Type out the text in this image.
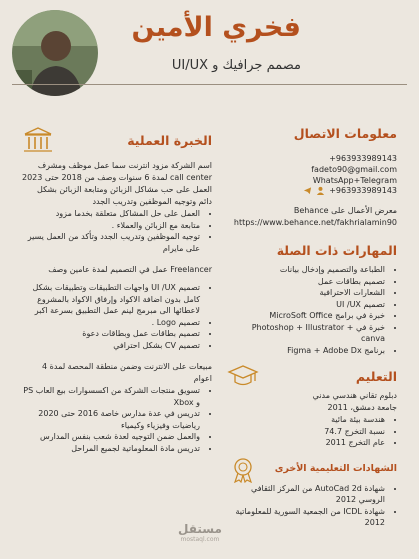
فخري الأمين
مصمم جرافيك و UI/UX
معلومات الاتصال
+963933989143
fadeto90@gmail.com
WhatsApp+Telegram
+963933989143

معرض الأعمال على Behance

https://www.behance.net/fakhrialamin90

المهارات ذات الصلة
• الطباعة والتصميم وإدخال بيانات
• تصميم بطاقات عمل
• الشعارات الاحترافية
• تصميم UI /UX
• خبرة في برامج MicroSoft Office
• خبرة في Photoshop + Illustrator + canva
• برنامج Figma + Adobe Dx
التعليم

دبلوم تقاني هندسي مدني

جامعة دمشق، 2011

• هندسة بيئة مائية
• نسبة التخرج 74.7
• عام التخرج 2011
الشهادات التعليمية الأخرى
• شهادة AutoCad 2d من المركز الثقافي الروسي 2012
• شهادة ICDL من الجمعية السورية للمعلوماتية 2012
الخبرة العملية

اسم الشركة مزود انترنت سما عمل موظف ومشرف call center لمدة 6 سنوات وصف من 2018 حتى 2023

العمل على حب مشاكل الزبائن ومتابعة الزبائن بشكل دائم وتوجيه الموظفين وتدريب الجدد

• العمل على حل المشاكل متعلقة بخدما مزود
• متابعة مع الزبائن والعملاء .
• توجيه الموظفين وتدريب الجدد وتأكد من العمل يسير على مايرام

Freelancer عمل في التصميم لمدة عامين وصف

• تصميم UI /UX واجهات التطبيقات وتطبيقات بشكل كامل بدون اضافة الاكواد وإرفاق الاكواد بالمشروع لاعطائها الى مبرمج لينم عمل التطبيق بسرعة اكبر
• تصميم Logo .
• تصميم بطاقات عمل وبطاقات دعوة
• تصميم CV بشكل احترافي

مبيعات على الانترنت وضمن منطقة المحصة لمدة 4 اعوام

• تسويق منتجات الشركة من اكسسوارات بيع العاب PS و Xbox
• تدريس في عدة مدارس خاصة 2016 حتى 2020 رياضيات وفيزياء وكيمياء
• والعمل ضمن التوجيه لعدة شعب بنفس المدارس
• تدريس مادة المعلوماتية لجميع المراحل
مستقل
mostaql.com
